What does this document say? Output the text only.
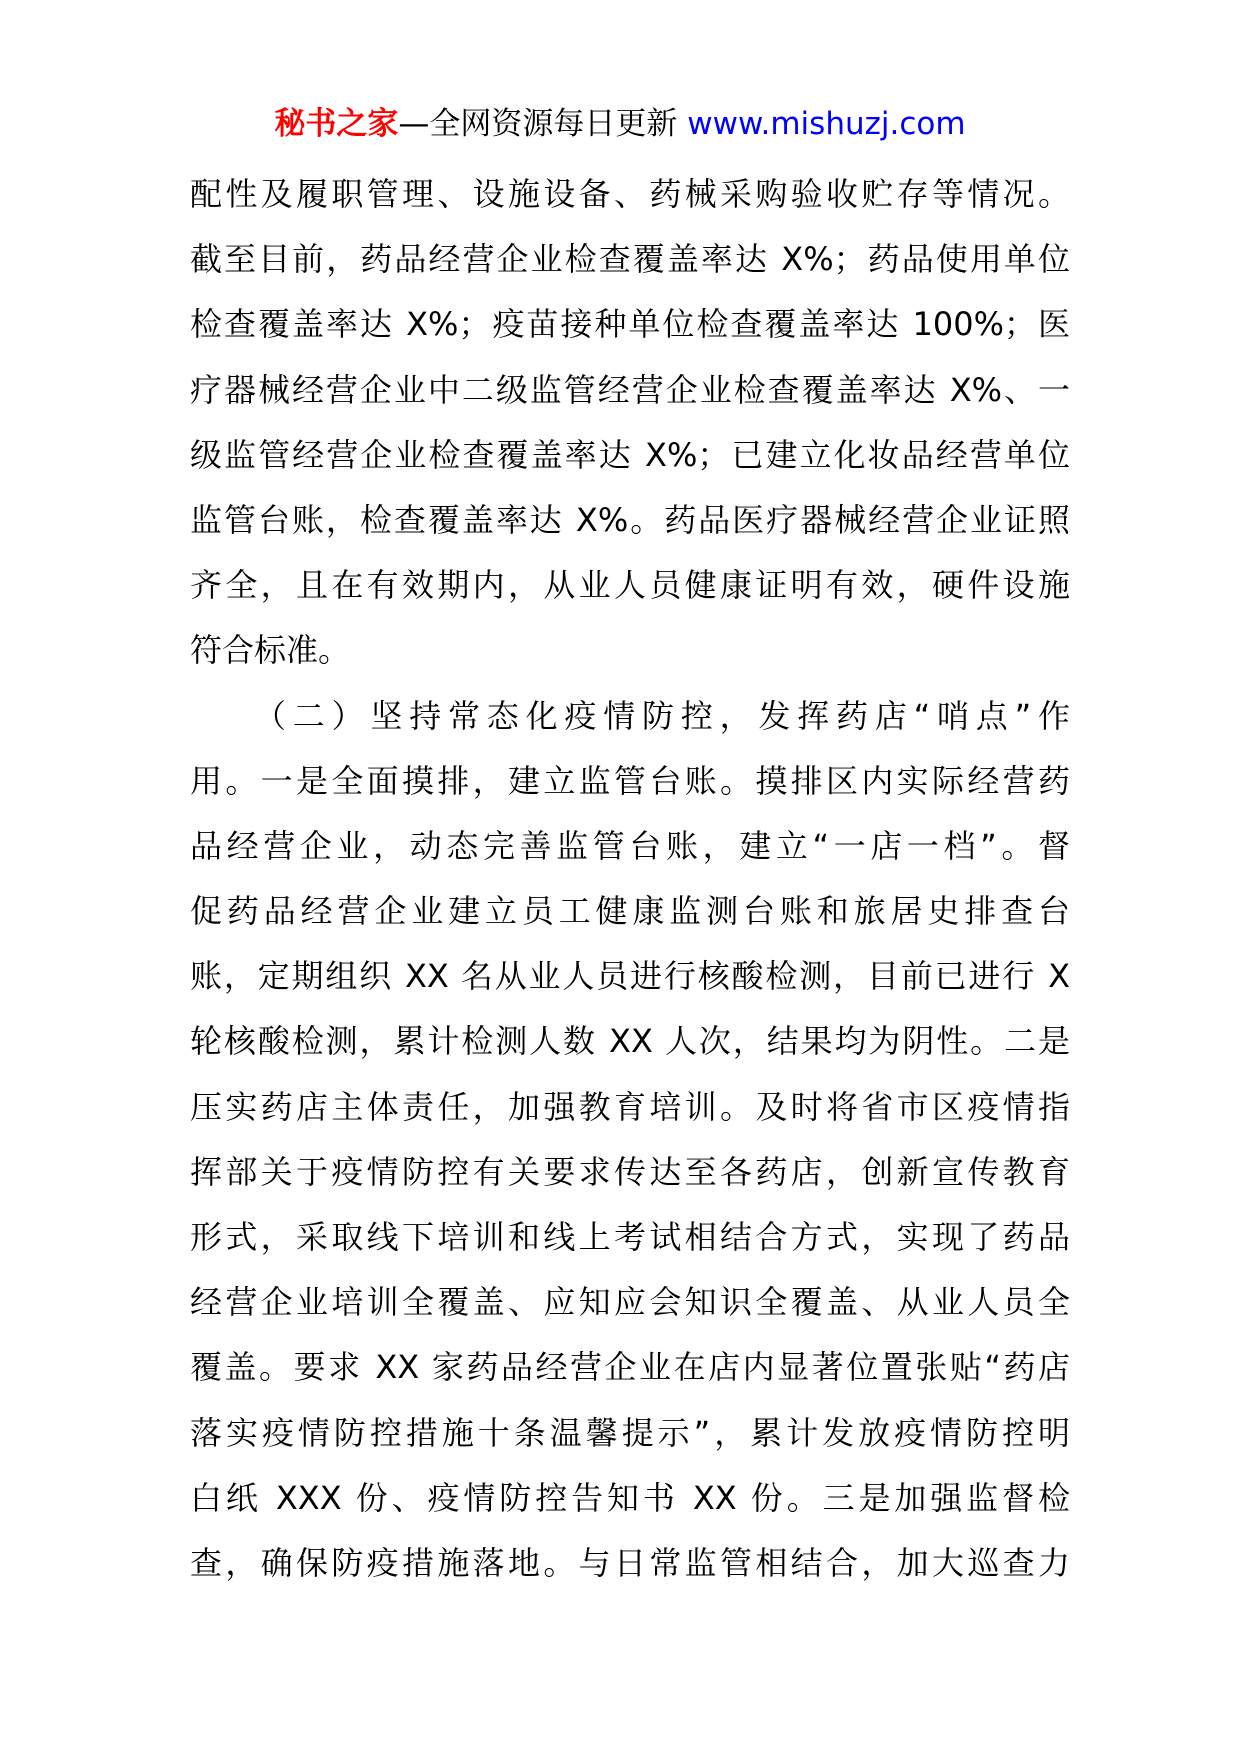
秘书之家—全网资源每日更新 www.mishuzj.com
配性及履职管理、设施设备、药械采购验收贮存等情况。
截至目前，药品经营企业检查覆盖率达 X%；药品使用单位
检查覆盖率达 X%；疫苗接种单位检查覆盖率达 100%；医
疗器械经营企业中二级监管经营企业检查覆盖率达 X%、一
级监管经营企业检查覆盖率达 X%；已建立化妆品经营单位
监管台账，检查覆盖率达 X%。药品医疗器械经营企业证照
齐全，且在有效期内，从业人员健康证明有效，硬件设施
符合标准。
（二）坚持常态化疫情防控，发挥药店“哨点”作
用。一是全面摸排，建立监管台账。摸排区内实际经营药
品经营企业，动态完善监管台账，建立“一店一档”。督
促药品经营企业建立员工健康监测台账和旅居史排查台
账，定期组织 XX 名从业人员进行核酸检测，目前已进行 X
轮核酸检测，累计检测人数 XX 人次，结果均为阴性。二是
压实药店主体责任，加强教育培训。及时将省市区疫情指
挥部关于疫情防控有关要求传达至各药店，创新宣传教育
形式，采取线下培训和线上考试相结合方式，实现了药品
经营企业培训全覆盖、应知应会知识全覆盖、从业人员全
覆盖。要求 XX 家药品经营企业在店内显著位置张贴“药店
落实疫情防控措施十条温馨提示”，累计发放疫情防控明
白纸 XXX 份、疫情防控告知书 XX 份。三是加强监督检
查，确保防疫措施落地。与日常监管相结合，加大巡查力
